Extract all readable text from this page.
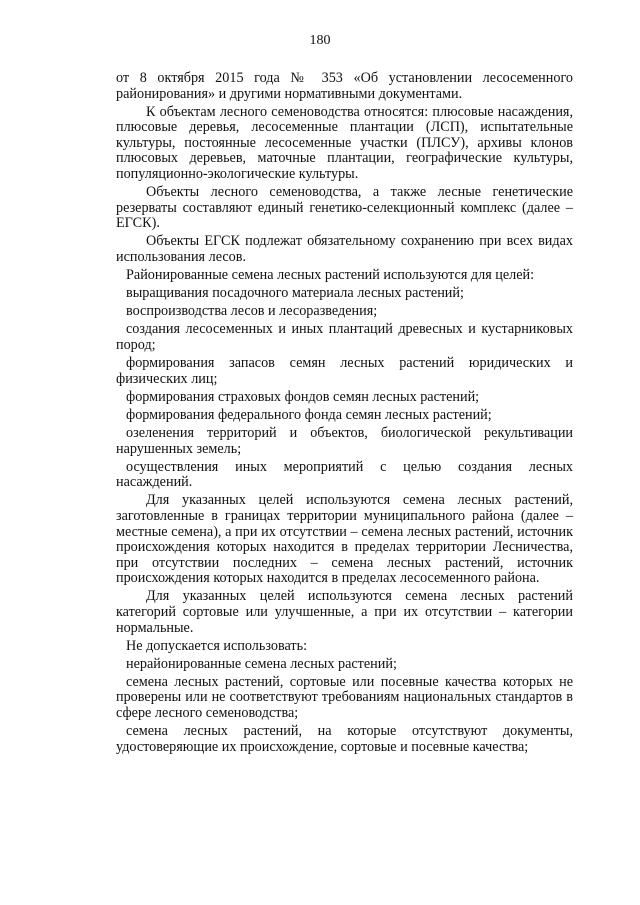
180

от 8 октября 2015 года № 353 «Об установлении лесосеменного районирования» и другими нормативными документами.

К объектам лесного семеноводства относятся: плюсовые насаждения, плюсовые деревья, лесосеменные плантации (ЛСП), испытательные культуры, постоянные лесосеменные участки (ПЛСУ), архивы клонов плюсовых деревьев, маточные плантации, географические культуры, популяционно-экологические культуры.

Объекты лесного семеноводства, а также лесные генетические резерваты составляют единый генетико-селекционный комплекс (далее – ЕГСК).

Объекты ЕГСК подлежат обязательному сохранению при всех видах использования лесов.

Районированные семена лесных растений используются для целей:

выращивания посадочного материала лесных растений;

воспроизводства лесов и лесоразведения;

создания лесосеменных и иных плантаций древесных и кустарниковых пород;

формирования запасов семян лесных растений юридических и физических лиц;

формирования страховых фондов семян лесных растений;

формирования федерального фонда семян лесных растений;

озеленения территорий и объектов, биологической рекультивации нарушенных земель;

осуществления иных мероприятий с целью создания лесных насаждений.

Для указанных целей используются семена лесных растений, заготовленные в границах территории муниципального района (далее – местные семена), а при их отсутствии – семена лесных растений, источник происхождения которых находится в пределах территории Лесничества, при отсутствии последних – семена лесных растений, источник происхождения которых находится в пределах лесосеменного района.

Для указанных целей используются семена лесных растений категорий сортовые или улучшенные, а при их отсутствии – категории нормальные.

Не допускается использовать:

нерайонированные семена лесных растений;

семена лесных растений, сортовые или посевные качества которых не проверены или не соответствуют требованиям национальных стандартов в сфере лесного семеноводства;

семена лесных растений, на которые отсутствуют документы, удостоверяющие их происхождение, сортовые и посевные качества;
